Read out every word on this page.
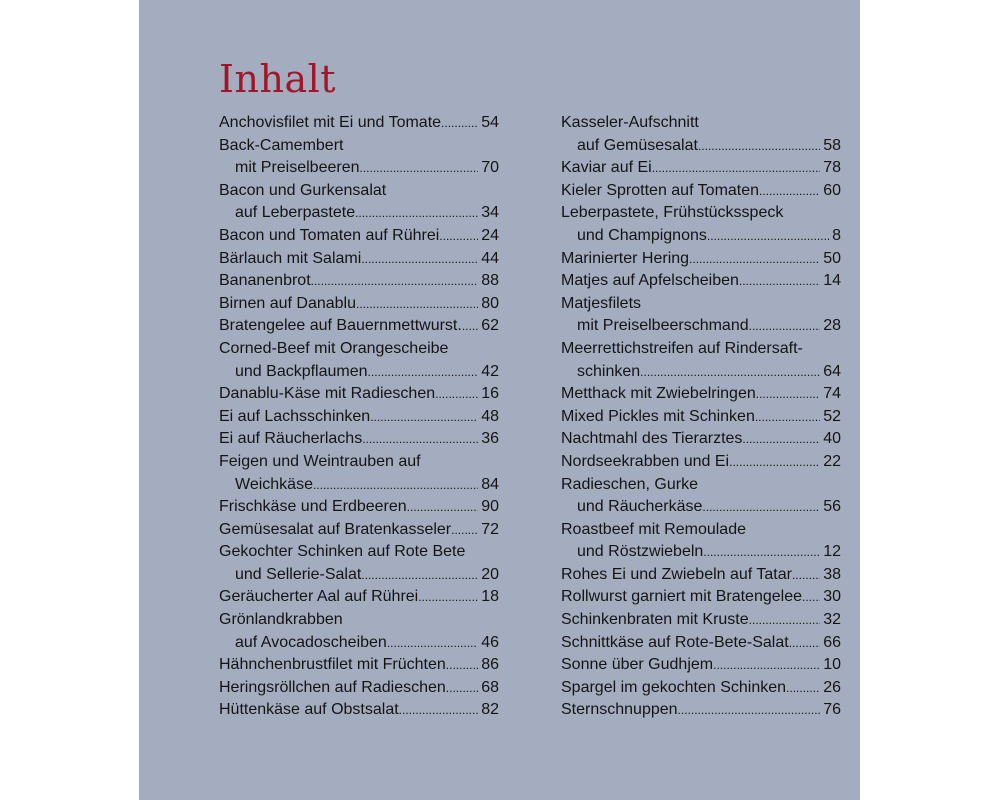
Inhalt
Anchovisfilet mit Ei und Tomate .....	54
Back-Camembert
mit Preiselbeeren .....	70
Bacon und Gurkensalat
auf Leberpastete .....	34
Bacon und Tomaten auf Rührei .....	24
Bärlauch mit Salami .....	44
Bananenbrot .....	88
Birnen auf Danablu .....	80
Bratengelee auf Bauernmettwurst. ..... 62
Corned-Beef mit Orangescheibe
und Backpflaumen .....	42
Danablu-Käse mit Radieschen .....	16
Ei auf Lachsschinken .....	48
Ei auf Räucherlachs .....	36
Feigen und Weintrauben auf
Weichkäse .....	84
Frischkäse und Erdbeeren .....	90
Gemüsesalat auf Bratenkasseler ..... 72
Gekochter Schinken auf Rote Bete
und Sellerie-Salat .....	20
Geräucherter Aal auf Rührei .....	18
Grönlandkrabben
auf Avocadoscheiben .....	46
Hähnchenbrustfilet mit Früchten ..... 86
Heringsröllchen auf Radieschen ..... 68
Hüttenkäse auf Obstsalat .....	82
Kasseler-Aufschnitt
auf Gemüsesalat .....	58
Kaviar auf Ei .....	78
Kieler Sprotten auf Tomaten .....	60
Leberpastete, Frühstücksspeck
und Champignons .....	8
Marinierter Hering .....	50
Matjes auf Apfelscheiben .....	14
Matjesfilets
mit Preiselbeerschmand .....	28
Meerrettichstreifen auf Rindersaft-
schinken .....	64
Metthack mit Zwiebelringen .....	74
Mixed Pickles mit Schinken .....	52
Nachtmahl des Tierarztes .....	40
Nordseekrabben und Ei .....	22
Radieschen, Gurke
und Räucherkäse .....	56
Roastbeef mit Remoulade
und Röstzwiebeln .....	12
Rohes Ei und Zwiebeln auf Tatar ..... 38
Rollwurst garniert mit Bratengelee ..... 30
Schinkenbraten mit Kruste .....	32
Schnittkäse auf Rote-Bete-Salat ..... 66
Sonne über Gudhjem .....	10
Spargel im gekochten Schinken ..... 26
Sternschnuppen .....	76
